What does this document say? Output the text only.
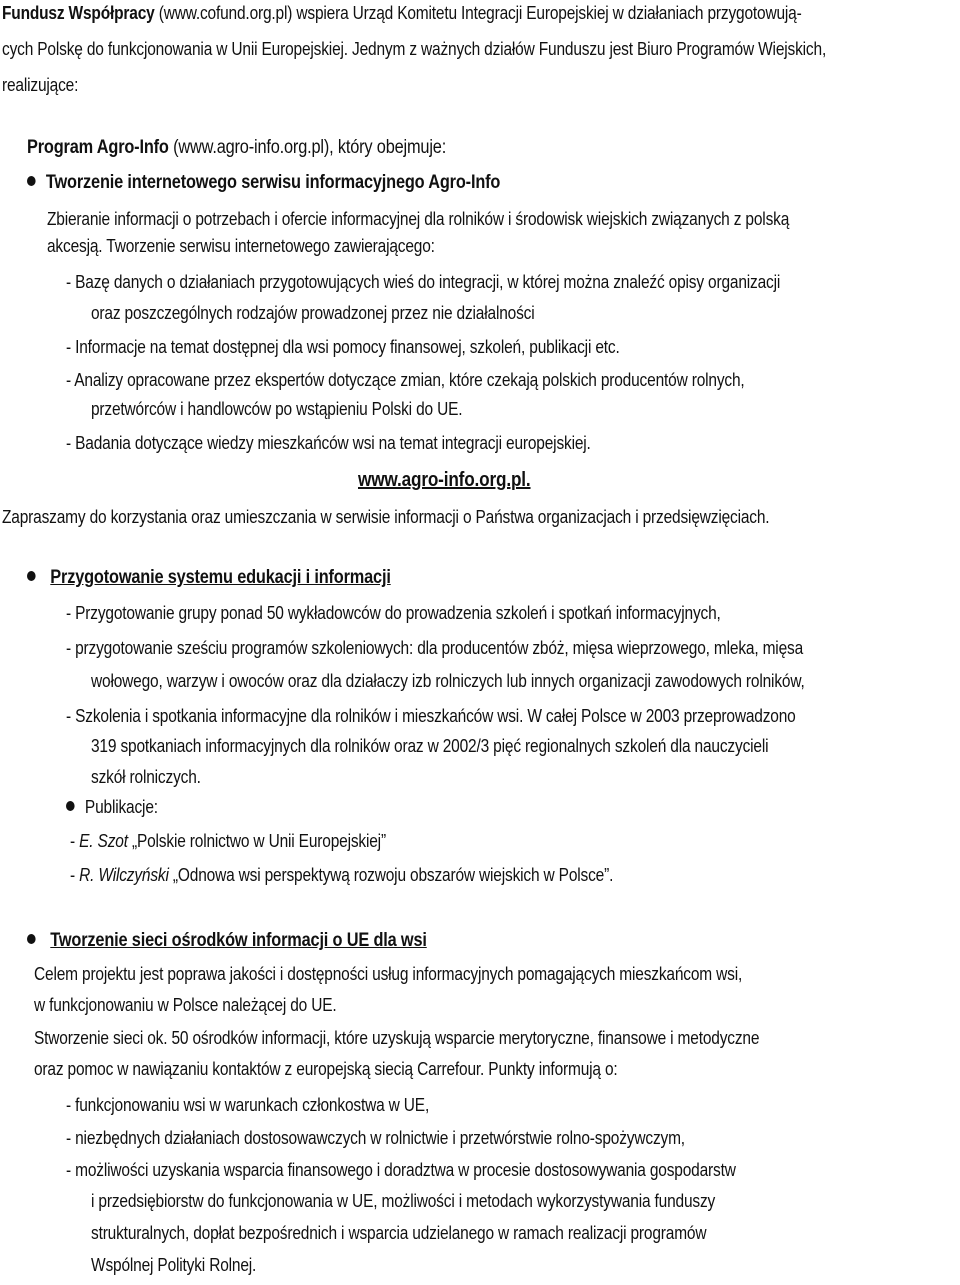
Fundusz Współpracy (www.cofund.org.pl) wspiera Urząd Komitetu Integracji Europejskiej w działaniach przygotowują-
cych Polskę do funkcjonowania w Unii Europejskiej. Jednym z ważnych działów Funduszu jest Biuro Programów Wiejskich,
realizujące:
Program Agro-Info (www.agro-info.org.pl), który obejmuje:
Tworzenie internetowego serwisu informacyjnego Agro-Info
Zbieranie informacji o potrzebach i ofercie informacyjnej dla rolników i środowisk wiejskich związanych z polską
akcesją. Tworzenie serwisu internetowego zawierającego:
- Bazę danych o działaniach przygotowujących wieś do integracji, w której można znaleźć opisy organizacji
oraz poszczególnych rodzajów prowadzonej przez nie działalności
- Informacje na temat dostępnej dla wsi pomocy finansowej, szkoleń, publikacji etc.
- Analizy opracowane przez ekspertów dotyczące zmian, które czekają polskich producentów rolnych,
przetwórców i handlowców po wstąpieniu Polski do UE.
- Badania dotyczące wiedzy mieszkańców wsi na temat integracji europejskiej.
www.agro-info.org.pl.
Zapraszamy do korzystania oraz umieszczania w serwisie informacji o Państwa organizacjach i przedsięwzięciach.
Przygotowanie systemu edukacji i informacji
- Przygotowanie grupy ponad 50 wykładowców do prowadzenia szkoleń i spotkań informacyjnych,
- przygotowanie sześciu programów szkoleniowych: dla producentów zbóż, mięsa wieprzowego, mleka, mięsa
wołowego, warzyw i owoców oraz dla działaczy izb rolniczych lub innych organizacji zawodowych rolników,
- Szkolenia i spotkania informacyjne dla rolników i mieszkańców wsi. W całej Polsce w 2003 przeprowadzono
319 spotkaniach informacyjnych dla rolników oraz w 2002/3 pięć regionalnych szkoleń dla nauczycieli
szkół rolniczych.
Publikacje:
- E. Szot „Polskie rolnictwo w Unii Europejskiej”
- R. Wilczyński „Odnowa wsi perspektywą rozwoju obszarów wiejskich w Polsce”.
Tworzenie sieci ośrodków informacji o UE dla wsi
Celem projektu jest poprawa jakości i dostępności usług informacyjnych pomagających mieszkańcom wsi,
w funkcjonowaniu w Polsce należącej do UE.
Stworzenie sieci ok. 50 ośrodków informacji, które uzyskują wsparcie merytoryczne, finansowe i metodyczne
oraz pomoc w nawiązaniu kontaktów z europejską siecią Carrefour. Punkty informują o:
- funkcjonowaniu wsi w warunkach członkostwa w UE,
- niezbędnych działaniach dostosowawczych w rolnictwie i przetwórstwie rolno-spożywczym,
- możliwości uzyskania wsparcia finansowego i doradztwa w procesie dostosowywania gospodarstw
i przedsiębiorstw do funkcjonowania w UE, możliwości i metodach wykorzystywania funduszy
strukturalnych, dopłat bezpośrednich i wsparcia udzielanego w ramach realizacji programów
Wspólnej Polityki Rolnej.
